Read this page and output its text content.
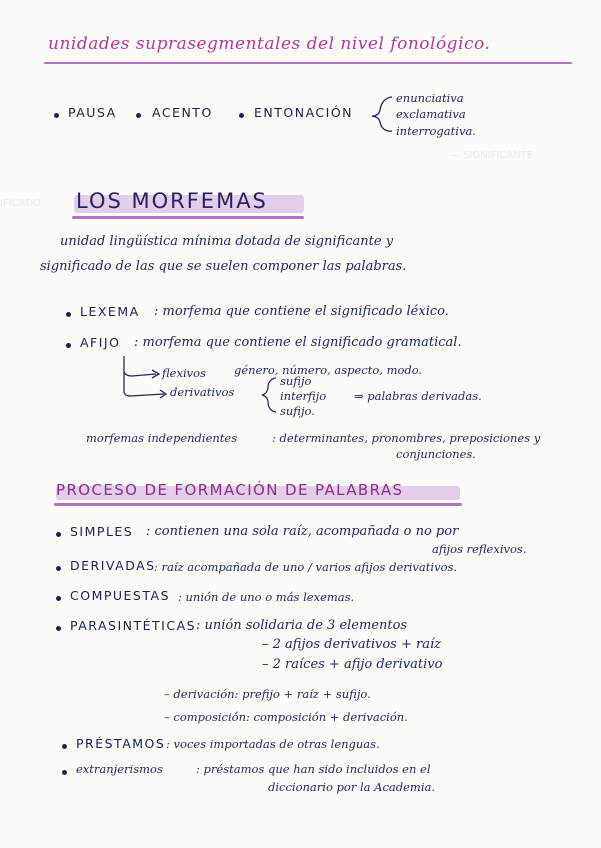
— SIGNIFICANTE
IFICADO
unidades suprasegmentales del nivel fonológico.
PAUSA	ACENTO	ENTONACIÓN
enunciativa
exclamativa
interrogativa.
LOS MORFEMAS
unidad lingüística mínima dotada de significante y
significado de las que se suelen componer las palabras.
LEXEMA : morfema que contiene el significado léxico.
AFIJO : morfema que contiene el significado gramatical.
flexivos género, número, aspecto, modo.
derivativos
sufijo
interfijo
sufijo.
⇒ palabras derivadas.
morfemas independientes	: determinantes, pronombres, preposiciones y
conjunciones.
PROCESO DE FORMACIÓN DE PALABRAS
SIMPLES : contienen una sola raíz, acompañada o no por
afijos reflexivos.
DERIVADAS
: raíz acompañada de uno / varios afijos derivativos.
COMPUESTAS : unión de uno o más lexemas.
PARASINTÉTICAS : unión solidaria de 3 elementos
– 2 afijos derivativos + raíz
– 2 raíces + afijo derivativo
– derivación: prefijo + raíz + sufijo.
– composición: composición + derivación.
PRÉSTAMOS : voces importadas de otras lenguas.
extranjerismos	: préstamos que han sido incluidos en el
diccionario por la Academia.
